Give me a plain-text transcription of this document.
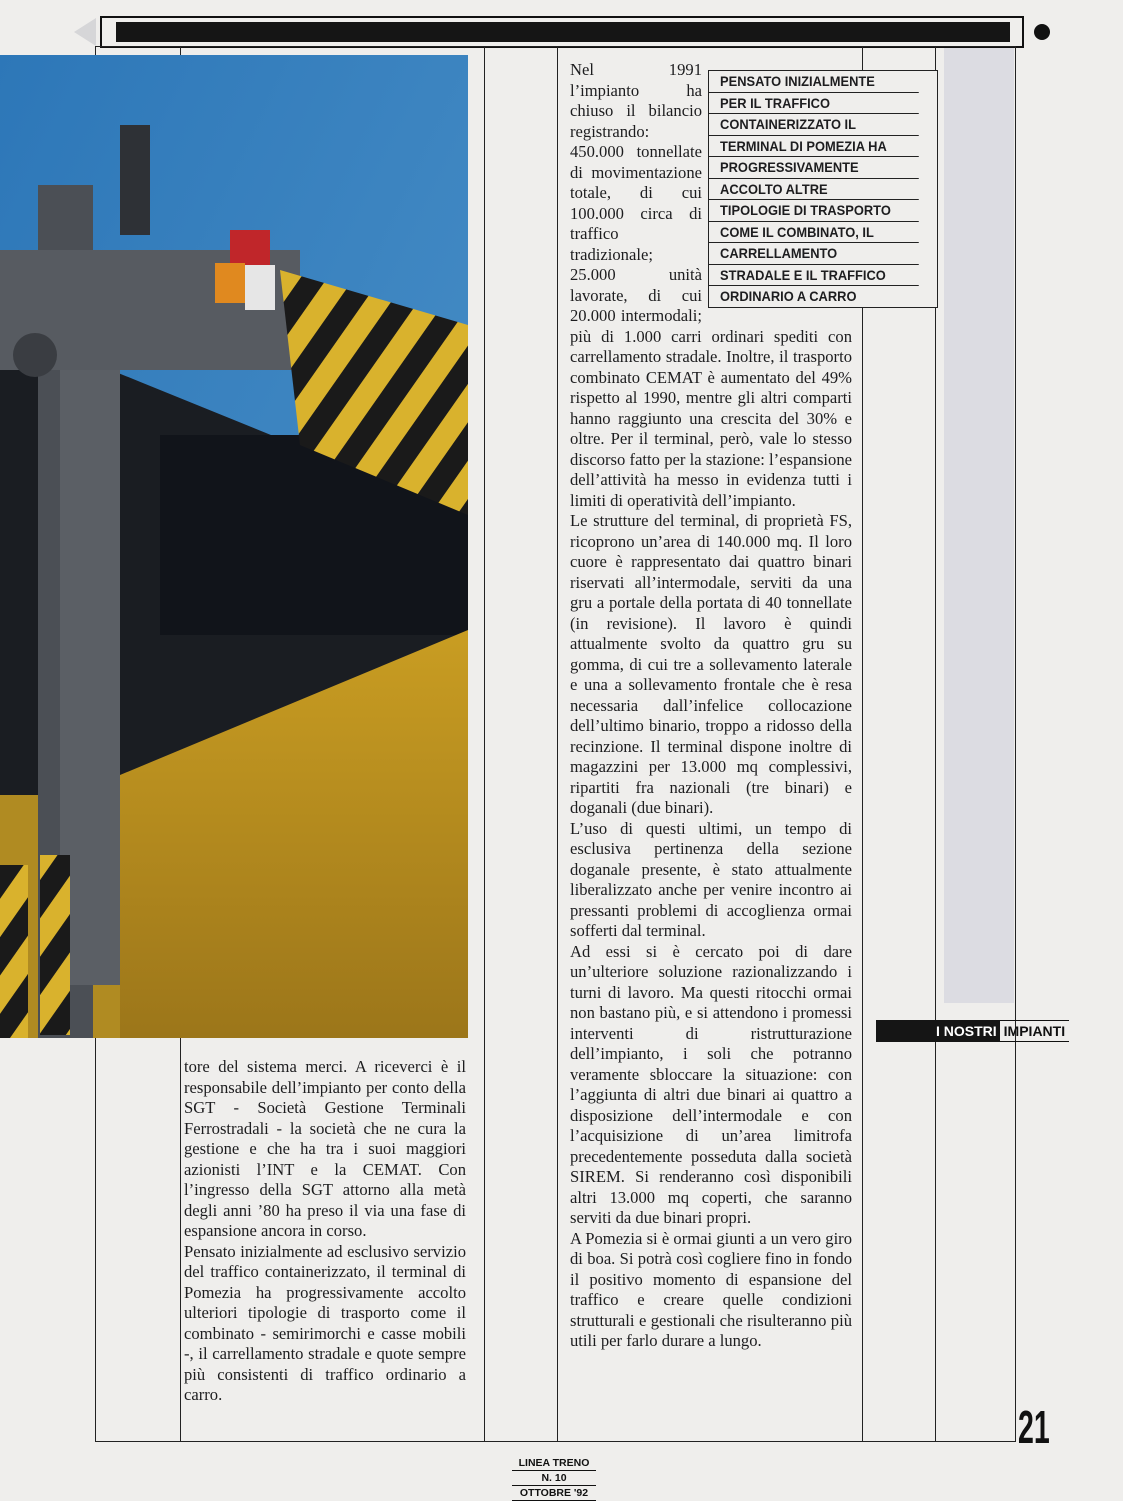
tore del sistema merci. A riceverci è il responsabile dell’impianto per conto della SGT - Società Gestione Terminali Ferrostradali - la società che ne cura la gestione e che ha tra i suoi maggiori azionisti l’INT e la CEMAT. Con l’ingresso della SGT attorno alla metà degli anni ’80 ha preso il via una fase di espansione ancora in corso.

Pensato inizialmente ad esclusivo servizio del traffico containerizzato, il terminal di Pomezia ha progressivamente accolto ulteriori tipologie di trasporto come il combinato - semirimorchi e casse mobili -, il carrellamento stradale e quote sempre più consistenti di traffico ordinario a carro.

PENSATO INIZIALMENTE
PER IL TRAFFICO
CONTAINERIZZATO IL
TERMINAL DI POMEZIA HA
PROGRESSIVAMENTE
ACCOLTO ALTRE
TIPOLOGIE DI TRASPORTO
COME IL COMBINATO, IL
CARRELLAMENTO
STRADALE E IL TRAFFICO
ORDINARIO A CARRO

Nel 1991 l’impianto ha chiuso il bilancio registrando: 450.000 tonnellate di movimentazione totale, di cui 100.000 circa di traffico tradizionale; 25.000 unità lavorate, di cui 20.000 intermodali; più di 1.000 carri ordinari spediti con carrellamento stradale. Inoltre, il trasporto combinato CEMAT è aumentato del 49% rispetto al 1990, mentre gli altri comparti hanno raggiunto una crescita del 30% e oltre. Per il terminal, però, vale lo stesso discorso fatto per la stazione: l’espansione dell’attività ha messo in evidenza tutti i limiti di operatività dell’impianto.

Le strutture del terminal, di proprietà FS, ricoprono un’area di 140.000 mq. Il loro cuore è rappresentato dai quattro binari riservati all’intermodale, serviti da una gru a portale della portata di 40 tonnellate (in revisione). Il lavoro è quindi attualmente svolto da quattro gru su gomma, di cui tre a sollevamento laterale e una a sollevamento frontale che è resa necessaria dall’infelice collocazione dell’ultimo binario, troppo a ridosso della recinzione. Il terminal dispone inoltre di magazzini per 13.000 mq complessivi, ripartiti fra nazionali (tre binari) e doganali (due binari).

L’uso di questi ultimi, un tempo di esclusiva pertinenza della sezione doganale presente, è stato attualmente liberalizzato anche per venire incontro ai pressanti problemi di accoglienza ormai sofferti dal terminal.

Ad essi si è cercato poi di dare un’ulteriore soluzione razionalizzando i turni di lavoro. Ma questi ritocchi ormai non bastano più, e si attendono i promessi interventi di ristrutturazione dell’impianto, i soli che potranno veramente sbloccare la situazione: con l’aggiunta di altri due binari ai quattro a disposizione dell’intermodale e con l’acquisizione di un’area limitrofa precedentemente posseduta dalla società SIREM. Si renderanno così disponibili altri 13.000 mq coperti, che saranno serviti da due binari propri.

A Pomezia si è ormai giunti a un vero giro di boa. Si potrà così cogliere fino in fondo il positivo momento di espansione del traffico e creare quelle condizioni strutturali e gestionali che risulteranno più utili per farlo durare a lungo.

I NOSTRI IMPIANTI
21
LINEA TRENO
N. 10
OTTOBRE '92
